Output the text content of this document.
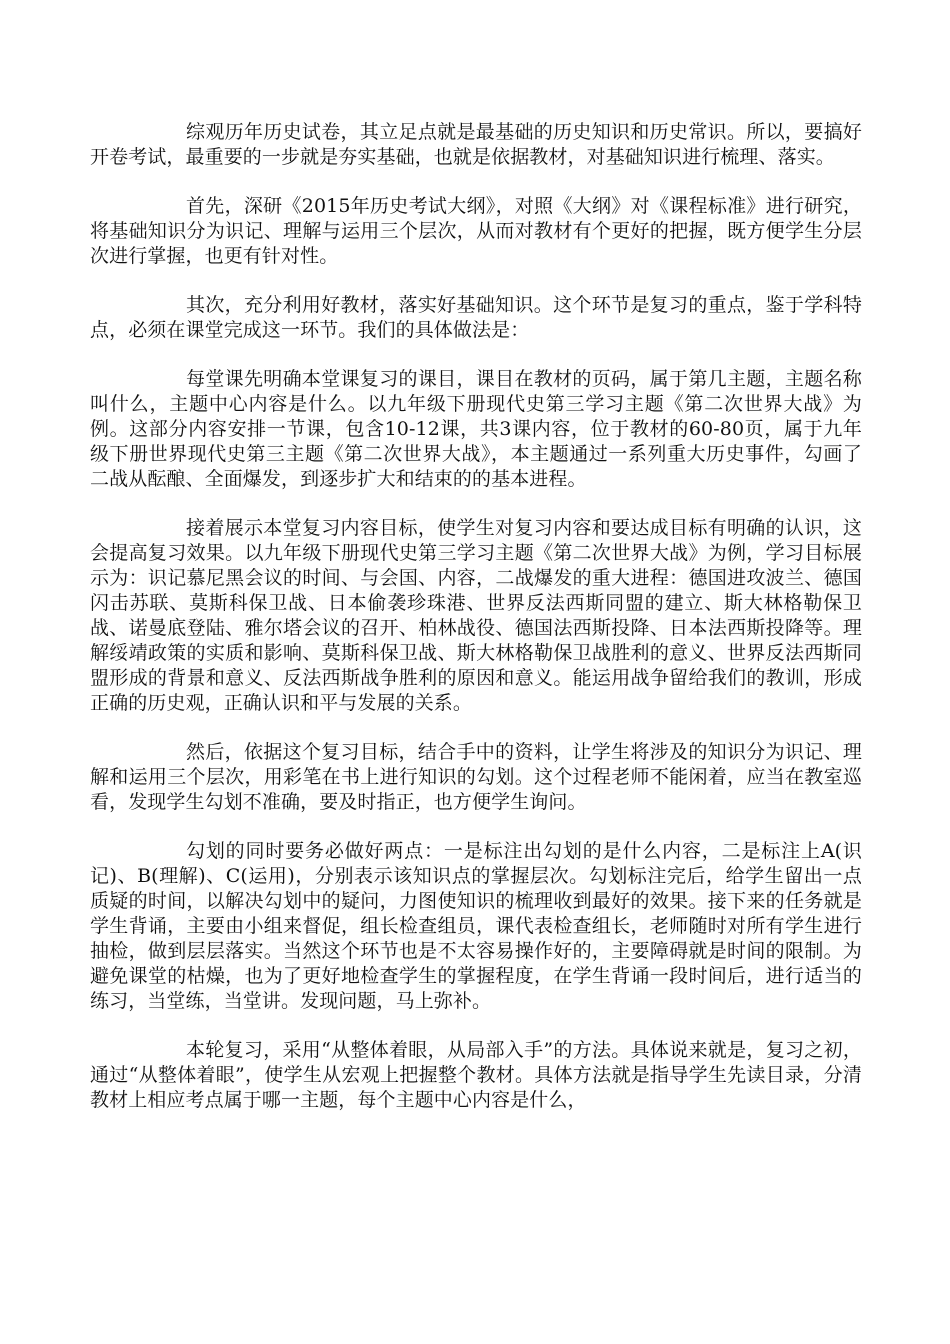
综观历年历史试卷，其立足点就是最基础的历史知识和历史常识。所以，要搞好开卷考试，最重要的一步就是夯实基础，也就是依据教材，对基础知识进行梳理、落实。

首先，深研《2015年历史考试大纲》，对照《大纲》对《课程标准》进行研究，将基础知识分为识记、理解与运用三个层次，从而对教材有个更好的把握，既方便学生分层次进行掌握，也更有针对性。

其次，充分利用好教材，落实好基础知识。这个环节是复习的重点，鉴于学科特点，必须在课堂完成这一环节。我们的具体做法是：

每堂课先明确本堂课复习的课目，课目在教材的页码，属于第几主题，主题名称叫什么，主题中心内容是什么。以九年级下册现代史第三学习主题《第二次世界大战》为例。这部分内容安排一节课，包含10-12课，共3课内容，位于教材的60-80页，属于九年级下册世界现代史第三主题《第二次世界大战》，本主题通过一系列重大历史事件，勾画了二战从酝酿、全面爆发，到逐步扩大和结束的的基本进程。

接着展示本堂复习内容目标，使学生对复习内容和要达成目标有明确的认识，这会提高复习效果。以九年级下册现代史第三学习主题《第二次世界大战》为例，学习目标展示为：识记慕尼黑会议的时间、与会国、内容，二战爆发的重大进程：德国进攻波兰、德国闪击苏联、莫斯科保卫战、日本偷袭珍珠港、世界反法西斯同盟的建立、斯大林格勒保卫战、诺曼底登陆、雅尔塔会议的召开、柏林战役、德国法西斯投降、日本法西斯投降等。理解绥靖政策的实质和影响、莫斯科保卫战、斯大林格勒保卫战胜利的意义、世界反法西斯同盟形成的背景和意义、反法西斯战争胜利的原因和意义。能运用战争留给我们的教训，形成正确的历史观，正确认识和平与发展的关系。

然后，依据这个复习目标，结合手中的资料，让学生将涉及的知识分为识记、理解和运用三个层次，用彩笔在书上进行知识的勾划。这个过程老师不能闲着，应当在教室巡看，发现学生勾划不准确，要及时指正，也方便学生询问。

勾划的同时要务必做好两点：一是标注出勾划的是什么内容，二是标注上A(识记)、B(理解)、C(运用)，分别表示该知识点的掌握层次。勾划标注完后，给学生留出一点质疑的时间，以解决勾划中的疑问，力图使知识的梳理收到最好的效果。接下来的任务就是学生背诵，主要由小组来督促，组长检查组员，课代表检查组长，老师随时对所有学生进行抽检，做到层层落实。当然这个环节也是不太容易操作好的，主要障碍就是时间的限制。为避免课堂的枯燥，也为了更好地检查学生的掌握程度，在学生背诵一段时间后，进行适当的练习，当堂练，当堂讲。发现问题，马上弥补。

本轮复习，采用“从整体着眼，从局部入手”的方法。具体说来就是，复习之初，通过“从整体着眼”，使学生从宏观上把握整个教材。具体方法就是指导学生先读目录，分清教材上相应考点属于哪一主题，每个主题中心内容是什么，
